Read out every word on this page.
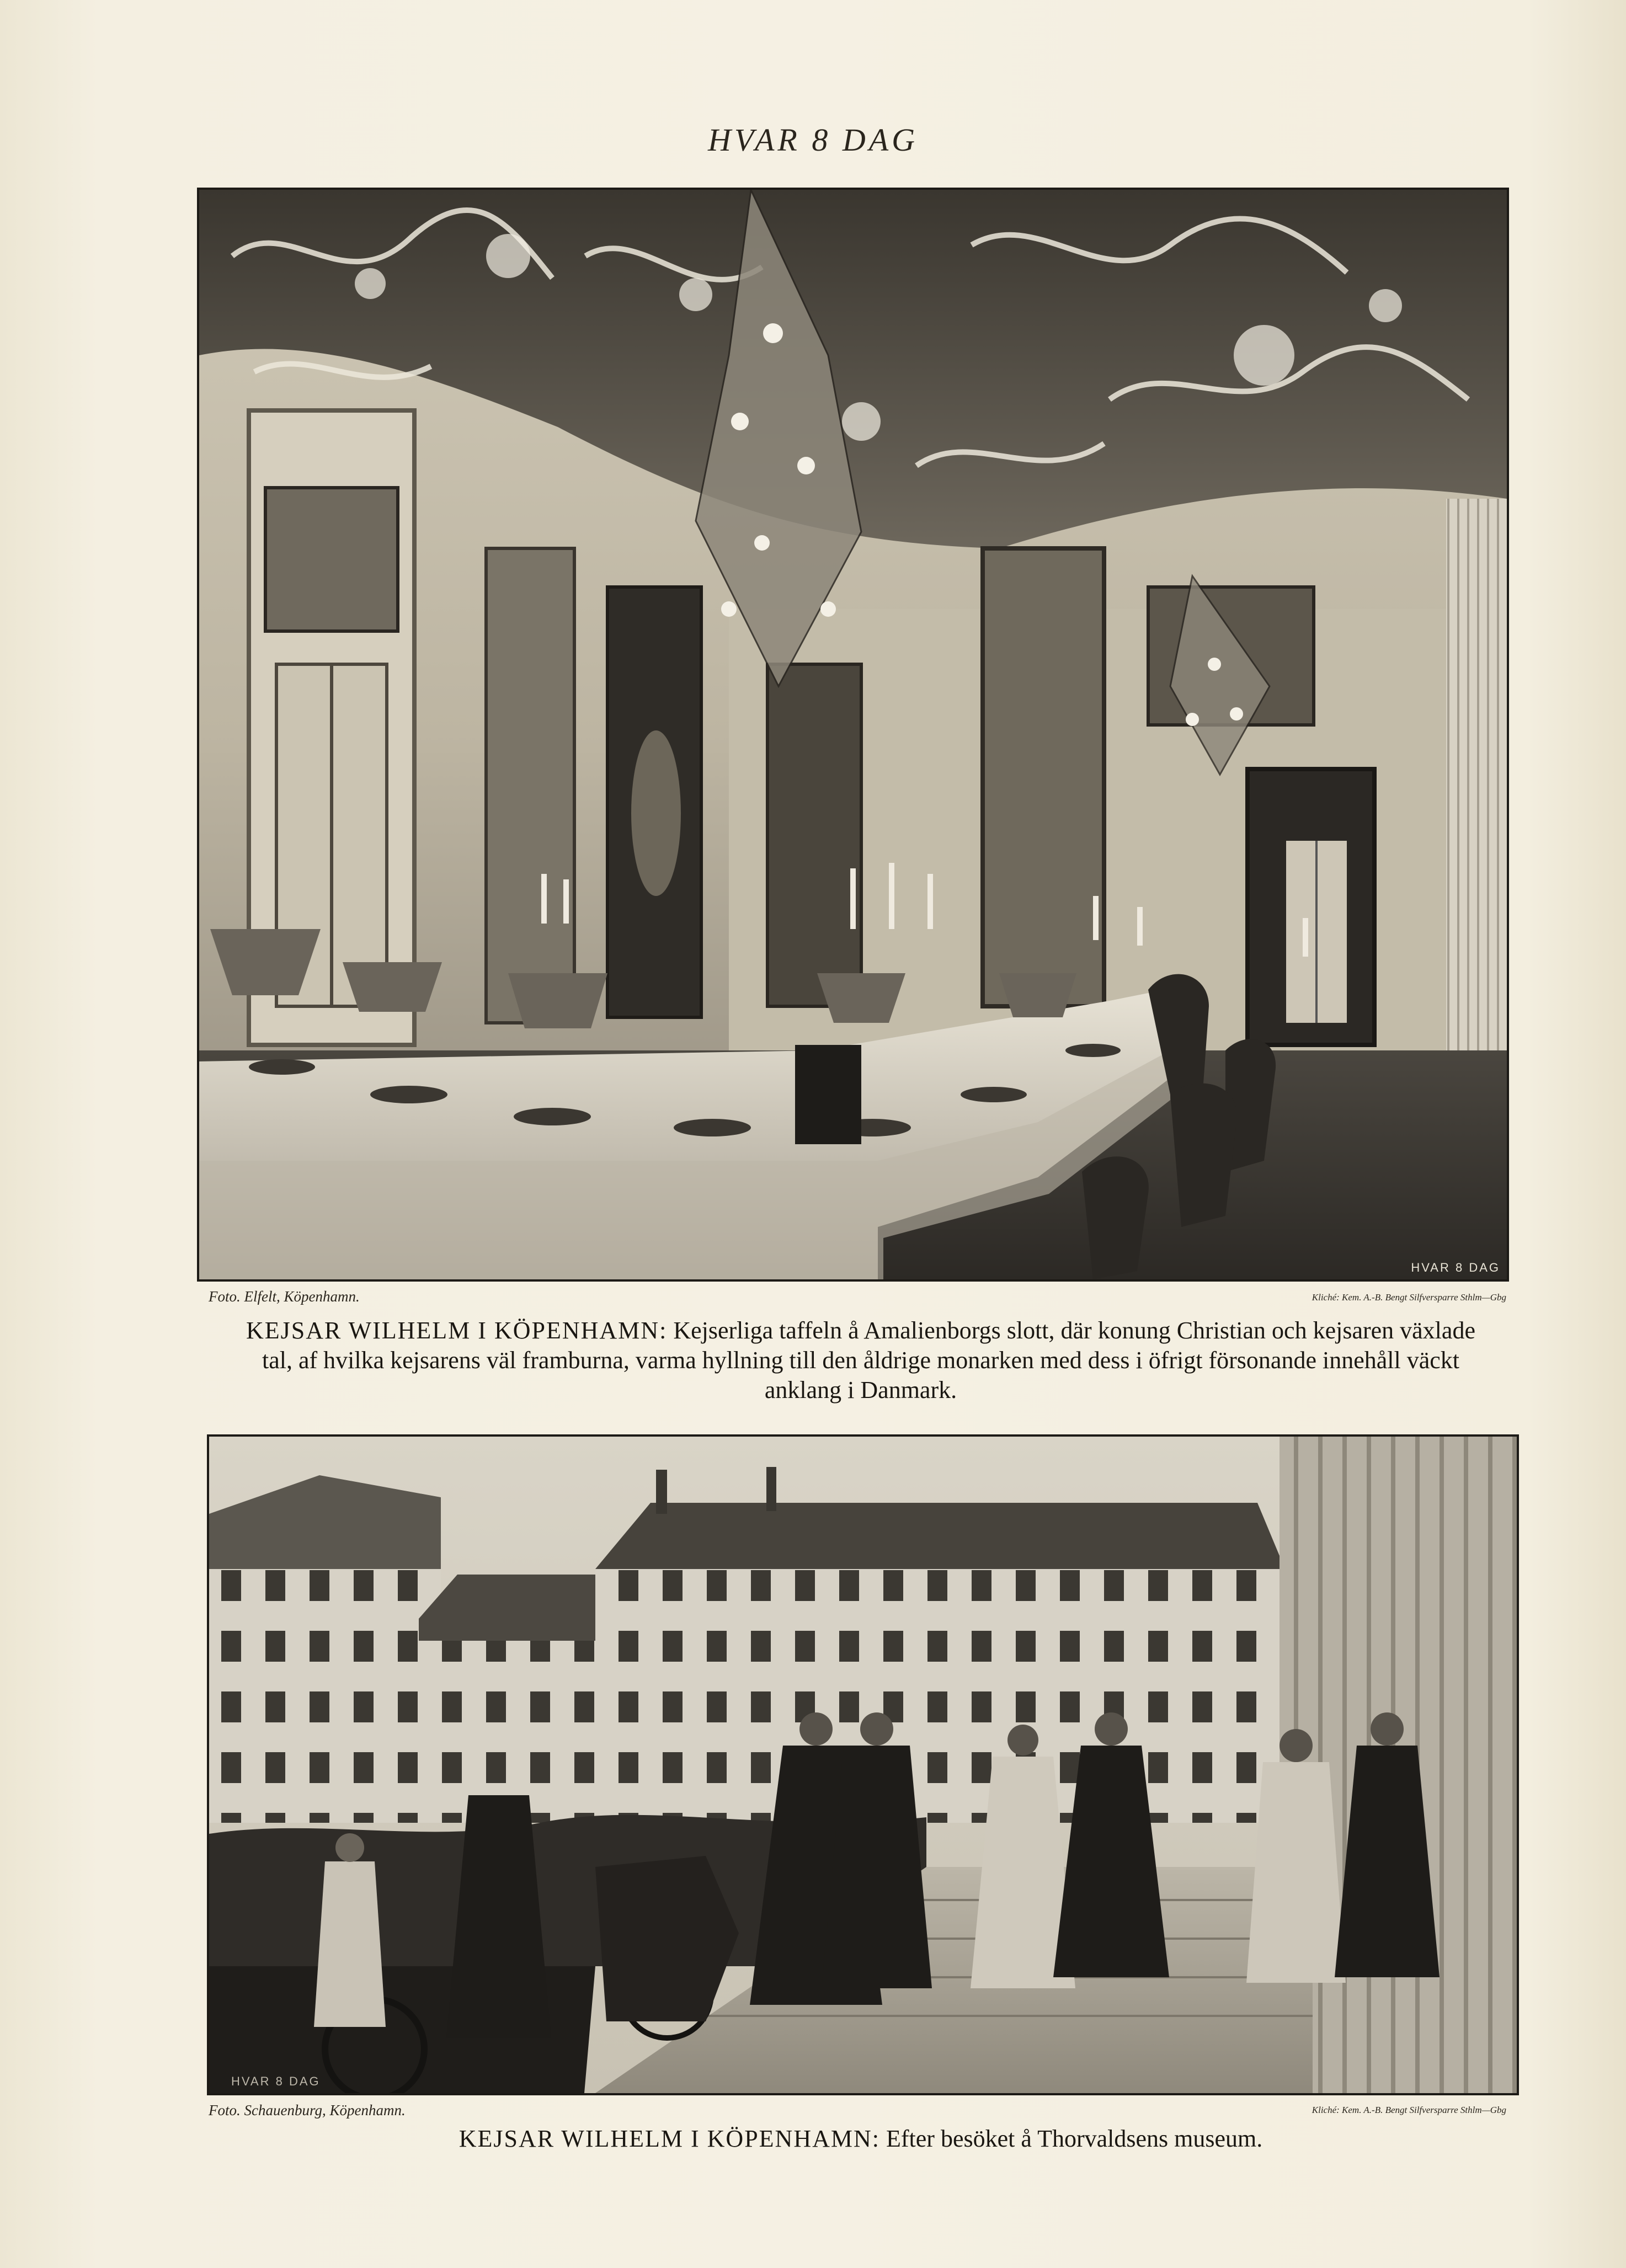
HVAR 8 DAG
HVAR 8 DAG
Foto. Elfelt, Köpenhamn.	Kliché: Kem. A.-B. Bengt Silfversparre Sthlm—Gbg
KEJSAR WILHELM I KÖPENHAMN: Kejserliga taffeln å Amalienborgs slott, där konung Christian och kejsaren växlade tal, af hvilka kejsarens väl framburna, varma hyllning till den åldrige monarken med dess i öfrigt försonande innehåll väckt anklang i Danmark.
HVAR 8 DAG
Foto. Schauenburg, Köpenhamn.	Kliché: Kem. A.-B. Bengt Silfversparre Sthlm—Gbg
KEJSAR WILHELM I KÖPENHAMN: Efter besöket å Thorvaldsens museum.
